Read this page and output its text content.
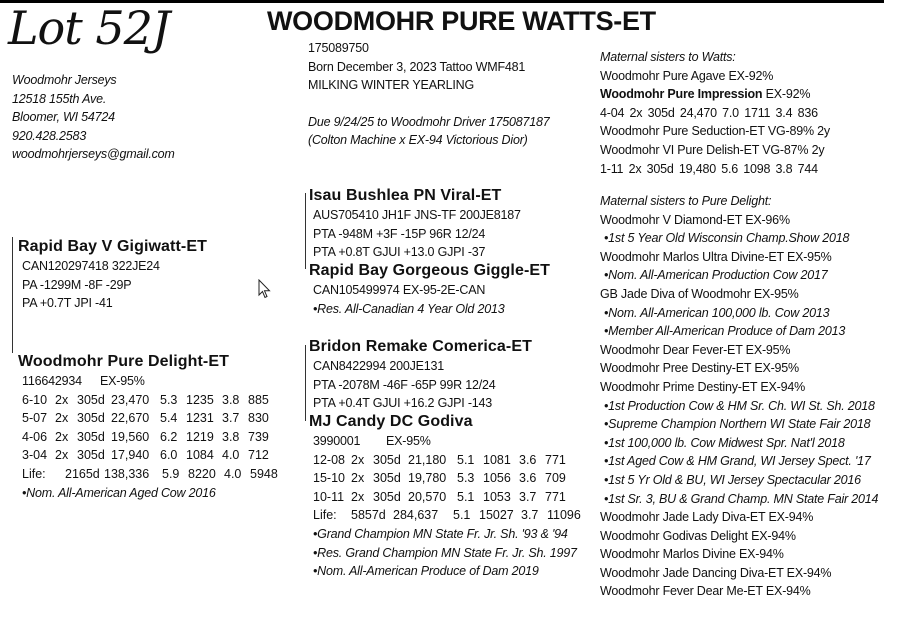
Lot 52J	WOODMOHR PURE WATTS-ET
Woodmohr Jerseys
12518 155th Ave.
Bloomer, WI 54724
920.428.2583
woodmohrjerseys@gmail.com
175089750
Born December 3, 2023 Tattoo WMF481
MILKING WINTER YEARLING
Due 9/24/25 to Woodmohr Driver 175087187
(Colton Machine x EX-94 Victorious Dior)
Rapid Bay V Gigiwatt-ET
CAN120297418 322JE24
PA -1299M -8F -29P
PA +0.7T JPI -41
Woodmohr Pure Delight-ET
116642934 EX-95%
6-10 2x 305d 23,470 5.3 1235 3.8 885
5-07 2x 305d 22,670 5.4 1231 3.7 830
4-06 2x 305d 19,560 6.2 1219 3.8 739
3-04 2x 305d 17,940 6.0 1084 4.0 712
Life: 2165d 138,336 5.9 8220 4.0 5948
•Nom. All-American Aged Cow 2016
Isau Bushlea PN Viral-ET
AUS705410 JH1F JNS-TF 200JE8187
PTA -948M +3F -15P 96R 12/24
PTA +0.8T GJUI +13.0 GJPI -37
Rapid Bay Gorgeous Giggle-ET
CAN105499974 EX-95-2E-CAN
•Res. All-Canadian 4 Year Old 2013
Bridon Remake Comerica-ET
CAN8422994 200JE131
PTA -2078M -46F -65P 99R 12/24
PTA +0.4T GJUI +16.2 GJPI -143
MJ Candy DC Godiva
3990001 EX-95%
12-08 2x 305d 21,180 5.1 1081 3.6 771
15-10 2x 305d 19,780 5.3 1056 3.6 709
10-11 2x 305d 20,570 5.1 1053 3.7 771
Life: 5857d 284,637 5.1 15027 3.7 11096
•Grand Champion MN State Fr. Jr. Sh. '93 & '94
•Res. Grand Champion MN State Fr. Jr. Sh. 1997
•Nom. All-American Produce of Dam 2019
Maternal sisters to Watts:
Woodmohr Pure Agave EX-92%
Woodmohr Pure Impression EX-92%
4-04 2x 305d 24,470 7.0 1711 3.4 836
Woodmohr Pure Seduction-ET VG-89% 2y
Woodmohr VI Pure Delish-ET VG-87% 2y
1-11 2x 305d 19,480 5.6 1098 3.8 744
Maternal sisters to Pure Delight:
Woodmohr V Diamond-ET EX-96%
•1st 5 Year Old Wisconsin Champ.Show 2018
Woodmohr Marlos Ultra Divine-ET EX-95%
•Nom. All-American Production Cow 2017
GB Jade Diva of Woodmohr EX-95%
•Nom. All-American 100,000 lb. Cow 2013
•Member All-American Produce of Dam 2013
Woodmohr Dear Fever-ET EX-95%
Woodmohr Pree Destiny-ET EX-95%
Woodmohr Prime Destiny-ET EX-94%
•1st Production Cow & HM Sr. Ch. WI St. Sh. 2018
•Supreme Champion Northern WI State Fair 2018
•1st 100,000 lb. Cow Midwest Spr. Nat'l 2018
•1st Aged Cow & HM Grand, WI Jersey Spect. '17
•1st 5 Yr Old & BU, WI Jersey Spectacular 2016
•1st Sr. 3, BU & Grand Champ. MN State Fair 2014
Woodmohr Jade Lady Diva-ET EX-94%
Woodmohr Godivas Delight EX-94%
Woodmohr Marlos Divine EX-94%
Woodmohr Jade Dancing Diva-ET EX-94%
Woodmohr Fever Dear Me-ET EX-94%
